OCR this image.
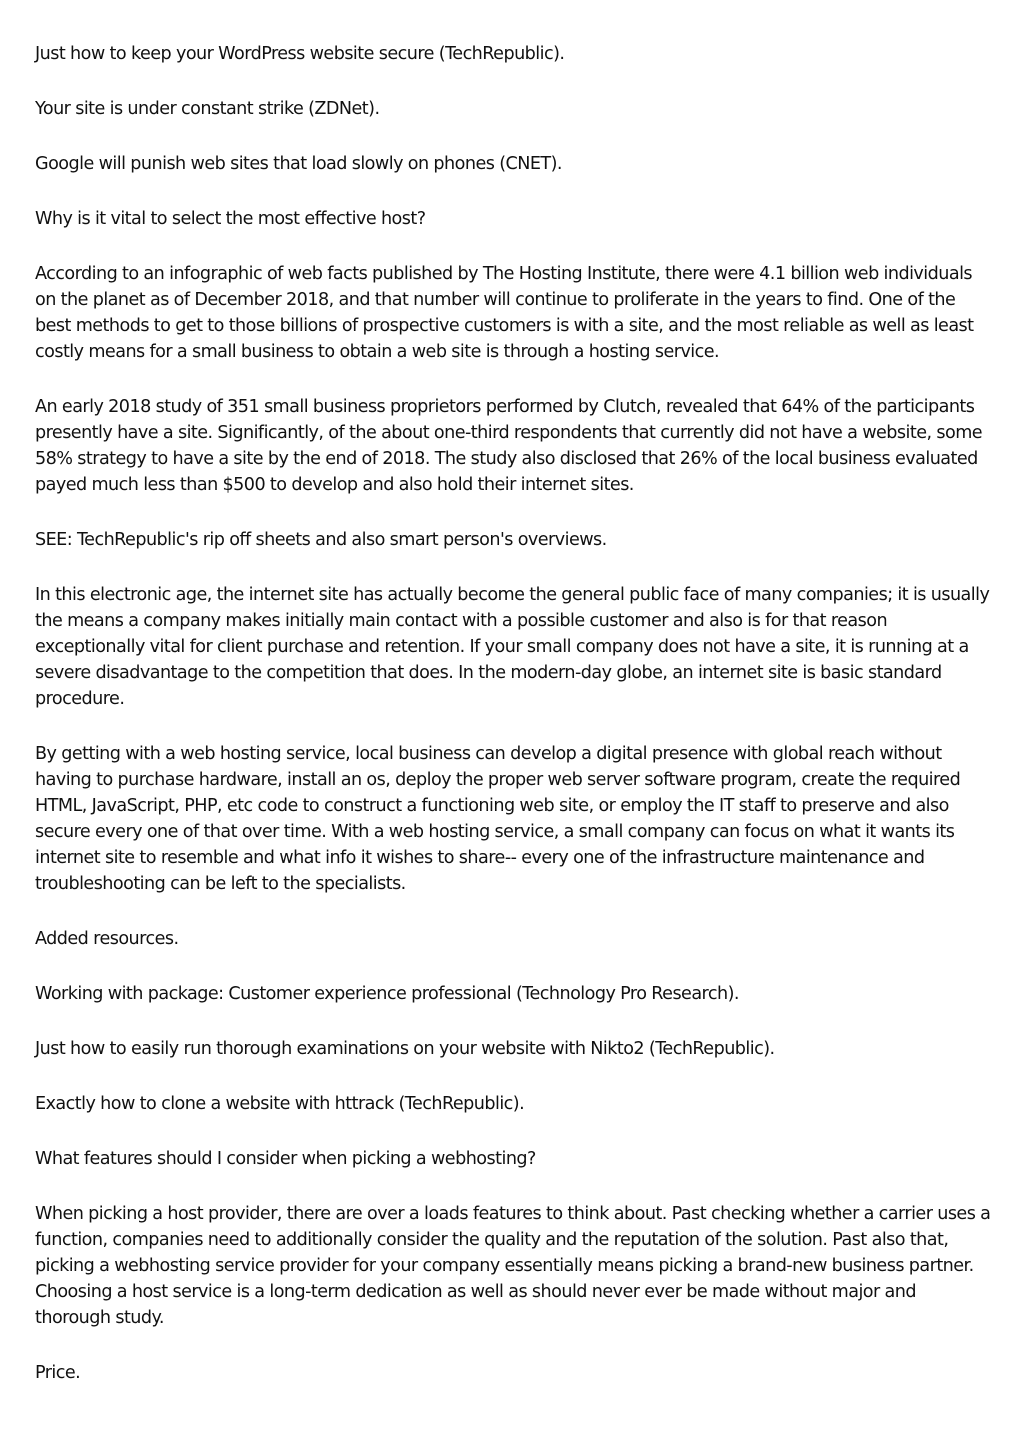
Just how to keep your WordPress website secure (TechRepublic).

Your site is under constant strike (ZDNet).

Google will punish web sites that load slowly on phones (CNET).

Why is it vital to select the most effective host?

According to an infographic of web facts published by The Hosting Institute, there were 4.1 billion web individuals on the planet as of December 2018, and that number will continue to proliferate in the years to find. One of the best methods to get to those billions of prospective customers is with a site, and the most reliable as well as least costly means for a small business to obtain a web site is through a hosting service.

An early 2018 study of 351 small business proprietors performed by Clutch, revealed that 64% of the participants presently have a site. Significantly, of the about one-third respondents that currently did not have a website, some 58% strategy to have a site by the end of 2018. The study also disclosed that 26% of the local business evaluated payed much less than $500 to develop and also hold their internet sites.

SEE: TechRepublic's rip off sheets and also smart person's overviews.

In this electronic age, the internet site has actually become the general public face of many companies; it is usually the means a company makes initially main contact with a possible customer and also is for that reason exceptionally vital for client purchase and retention. If your small company does not have a site, it is running at a severe disadvantage to the competition that does. In the modern-day globe, an internet site is basic standard procedure.

By getting with a web hosting service, local business can develop a digital presence with global reach without having to purchase hardware, install an os, deploy the proper web server software program, create the required HTML, JavaScript, PHP, etc code to construct a functioning web site, or employ the IT staff to preserve and also secure every one of that over time. With a web hosting service, a small company can focus on what it wants its internet site to resemble and what info it wishes to share-- every one of the infrastructure maintenance and troubleshooting can be left to the specialists.

Added resources.

Working with package: Customer experience professional (Technology Pro Research).

Just how to easily run thorough examinations on your website with Nikto2 (TechRepublic).

Exactly how to clone a website with httrack (TechRepublic).

What features should I consider when picking a webhosting?

When picking a host provider, there are over a loads features to think about. Past checking whether a carrier uses a function, companies need to additionally consider the quality and the reputation of the solution. Past also that, picking a webhosting service provider for your company essentially means picking a brand-new business partner. Choosing a host service is a long-term dedication as well as should never ever be made without major and thorough study.

Price.
